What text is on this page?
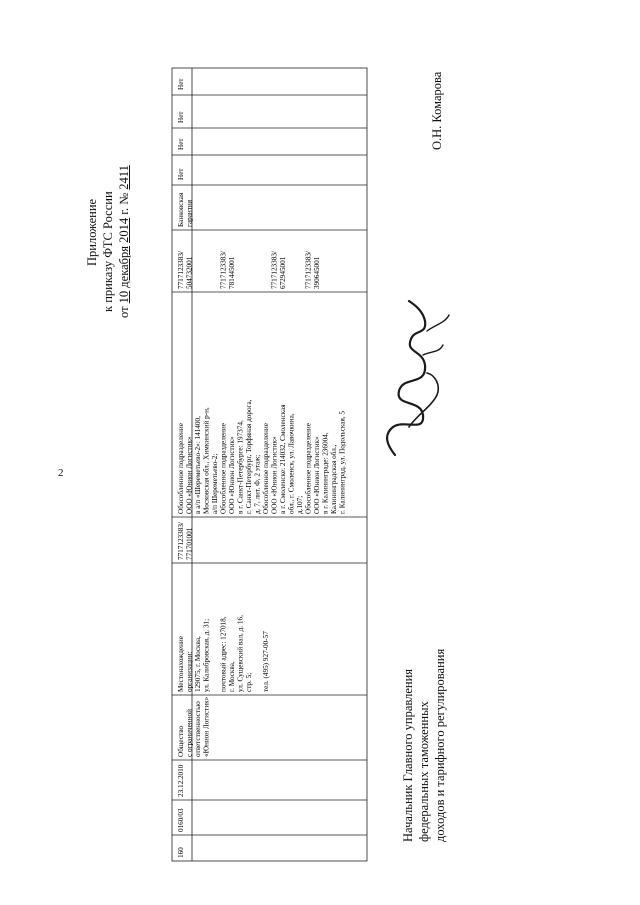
2
Приложение к приказу ФТС России
от 10 декабря 2014 г. № 2411
160
0160/03
23.12.2010
Общество с ограниченной ответственностью «Юнион Логистик»
Местонахождение организации: 129075, г. Москва, ул. Калибровская, д. 31; почтовый адрес: 127018, г. Москва, ул. Сущевский вал, д. 16, стр. 5; тел. (495) 927-00-57
7717123383/ 771701001
Обособленное подразделение ООО «Юнион Логистик» в а/п «Шереметьево-2»: 141400, Московская обл., Химкинский р-н, а/п Шереметьево-2; Обособленное подразделение ООО «Юнион Логистик» в г. Санкт-Петербурге: 197374, г. Санкт-Петербург, Торфяная дорога, д. 7, лит. Ф, 2 этаж; Обособленное подразделение ООО «Юнион Логистик» в г. Смоленске: 214032, Смоленская обл., г. Смоленск, ул. Лавочкина, д.107; Обособленное подразделение ООО «Юнион Логистик» в г. Калининграде: 236004, Калининградская обл., г. Калининград, ул. Подольская, 5
7717123383/ 504732001	7717123383/ 781445001	7717123383/ 672945001 7717123383/ 390645001
Банковская гарантия
Нет
Нет
Нет
Нет
Начальник Главного управления федеральных таможенных доходов и тарифного регулирования
О.Н. Комарова
